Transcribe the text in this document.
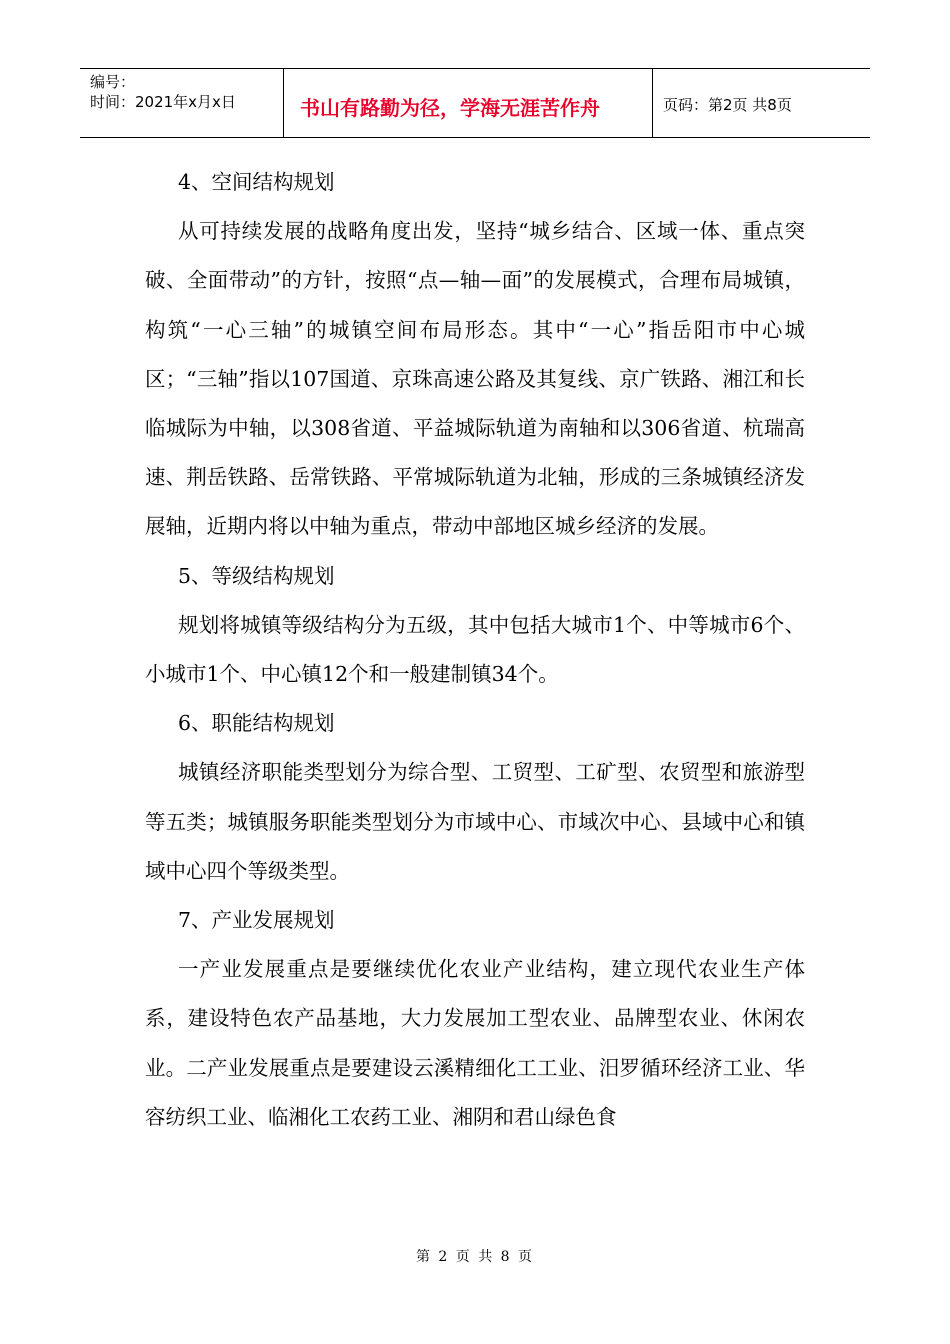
编号：
时间：2021年x月x日	书山有路勤为径，学海无涯苦作舟	页码：第2页 共8页

4、空间结构规划

从可持续发展的战略角度出发，坚持“城乡结合、区域一体、重点突破、全面带动”的方针，按照“点—轴—面”的发展模式，合理布局城镇，构筑“一心三轴”的城镇空间布局形态。其中“一心”指岳阳市中心城区；“三轴”指以107国道、京珠高速公路及其复线、京广铁路、湘江和长临城际为中轴，以308省道、平益城际轨道为南轴和以306省道、杭瑞高速、荆岳铁路、岳常铁路、平常城际轨道为北轴，形成的三条城镇经济发展轴，近期内将以中轴为重点，带动中部地区城乡经济的发展。

5、等级结构规划

规划将城镇等级结构分为五级，其中包括大城市1个、中等城市6个、小城市1个、中心镇12个和一般建制镇34个。

6、职能结构规划

城镇经济职能类型划分为综合型、工贸型、工矿型、农贸型和旅游型等五类；城镇服务职能类型划分为市域中心、市域次中心、县域中心和镇域中心四个等级类型。

7、产业发展规划

一产业发展重点是要继续优化农业产业结构，建立现代农业生产体系，建设特色农产品基地，大力发展加工型农业、品牌型农业、休闲农业。二产业发展重点是要建设云溪精细化工工业、汨罗循环经济工业、华容纺织工业、临湘化工农药工业、湘阴和君山绿色食

第 2 页 共 8 页
